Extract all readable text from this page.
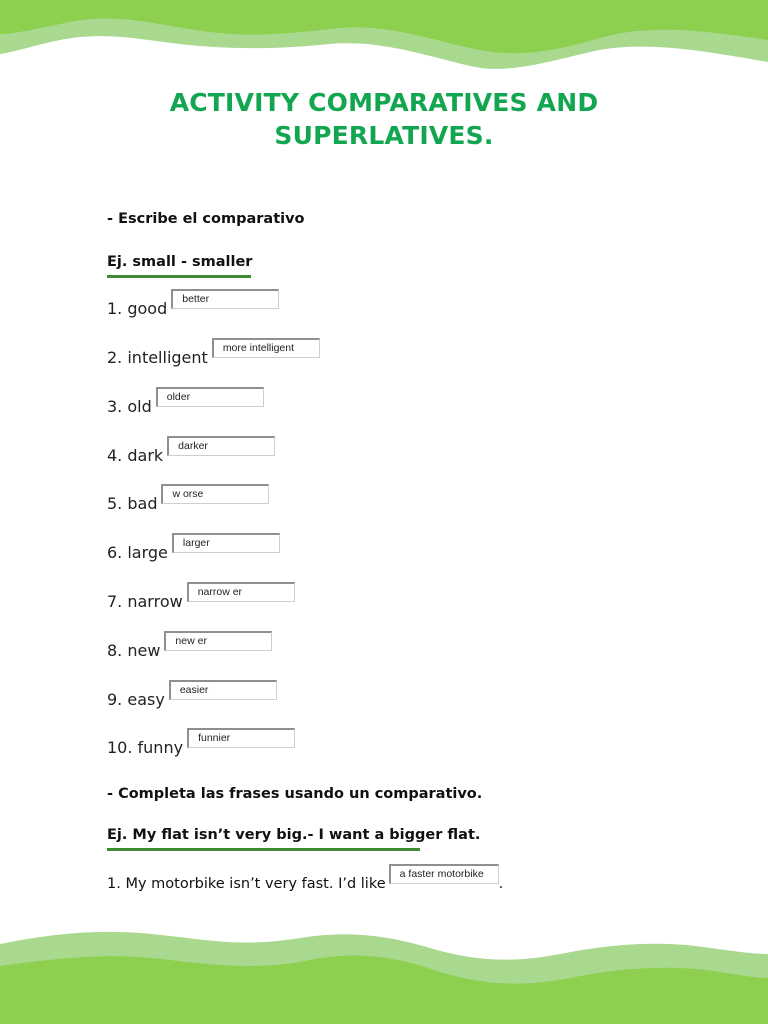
ACTIVITY COMPARATIVES AND
SUPERLATIVES.
- Escribe el comparativo
Ej. small - smaller
1. good	better
2. intelligent	more intelligent
3. old	older
4. dark	darker
5. bad	w orse
6. large	larger
7. narrow	narrow er
8. new	new er
9. easy	easier
10. funny	funnier
- Completa las frases usando un comparativo.
Ej. My flat isn’t very big.- I want a bigger flat.
1. My motorbike isn’t very fast. I’d like
a faster motorbike
.
